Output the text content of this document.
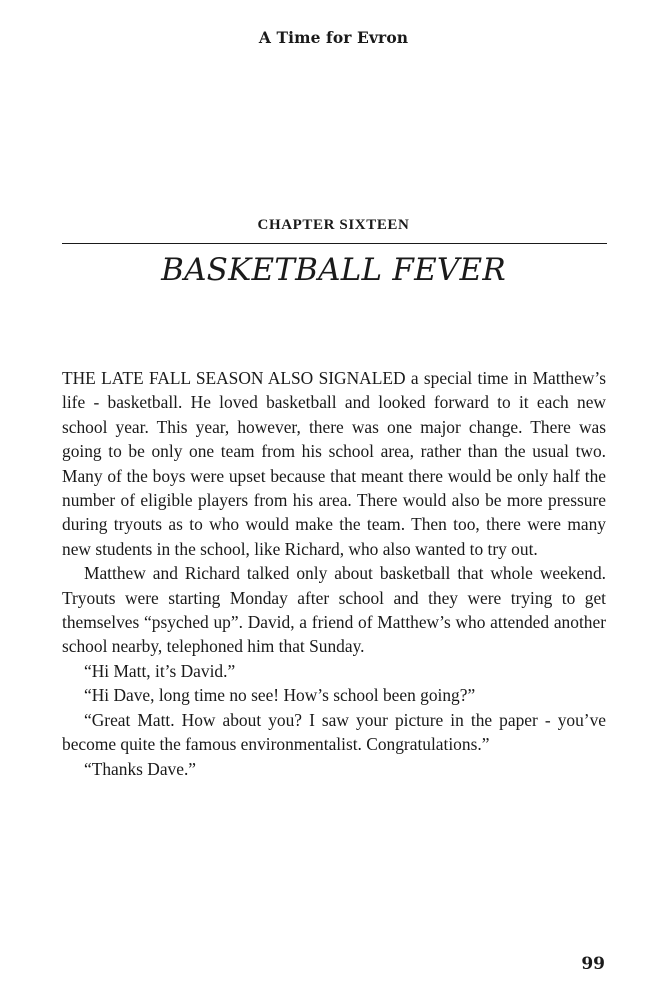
A Time for Evron
CHAPTER SIXTEEN
BASKETBALL FEVER

THE LATE FALL SEASON ALSO SIGNALED a special time in Matthew’s life - basketball. He loved basketball and looked forward to it each new school year. This year, however, there was one major change. There was going to be only one team from his school area, rather than the usual two. Many of the boys were upset because that meant there would be only half the number of eligible players from his area. There would also be more pressure during tryouts as to who would make the team. Then too, there were many new students in the school, like Richard, who also wanted to try out.

Matthew and Richard talked only about basketball that whole weekend. Tryouts were starting Monday after school and they were trying to get themselves “psyched up”. David, a friend of Matthew’s who attended another school nearby, telephoned him that Sunday.

“Hi Matt, it’s David.”

“Hi Dave, long time no see! How’s school been going?”

“Great Matt. How about you? I saw your picture in the paper - you’ve become quite the famous environmentalist. Congratulations.”

“Thanks Dave.”

99
